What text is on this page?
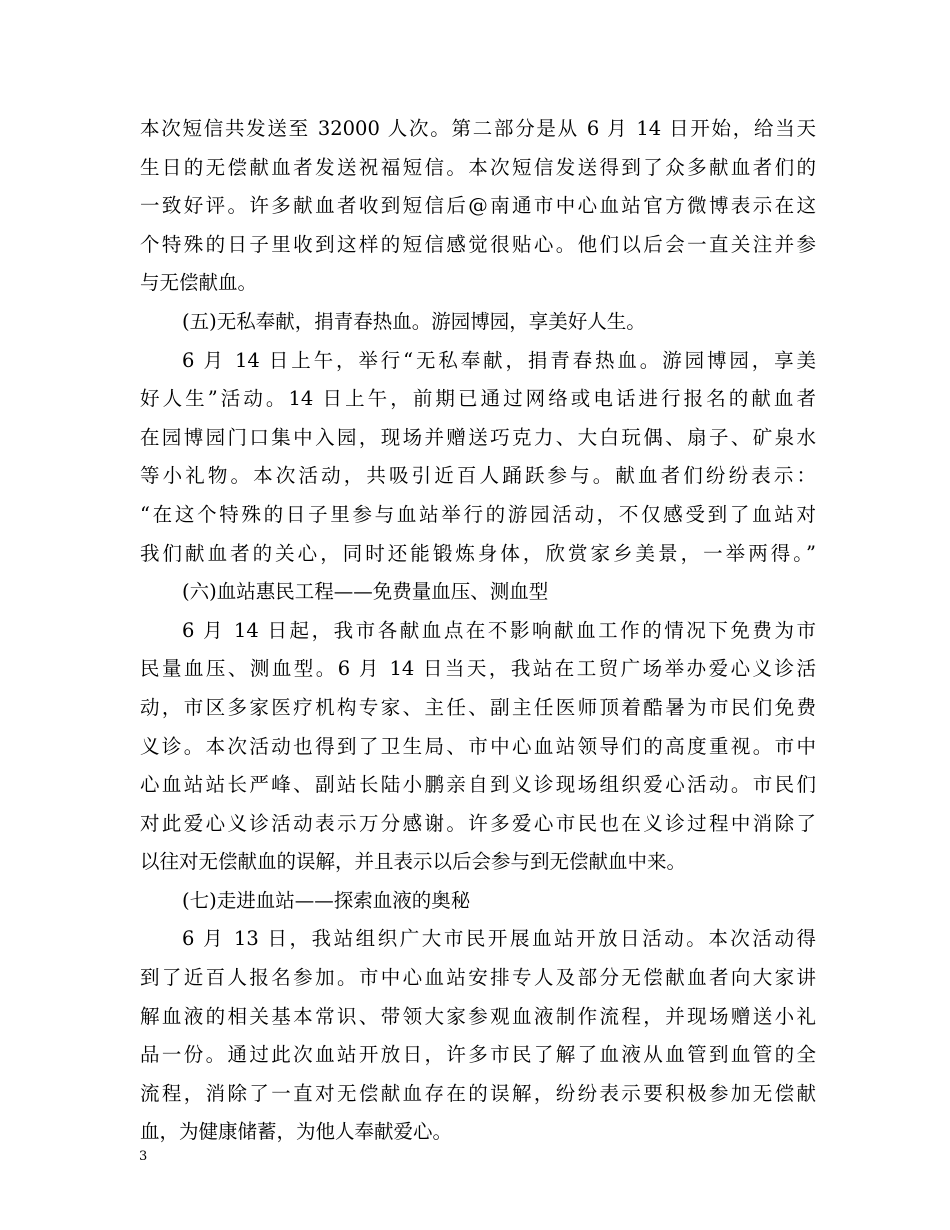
本次短信共发送至 32000 人次。第二部分是从 6 月 14 日开始，给当天
生日的无偿献血者发送祝福短信。本次短信发送得到了众多献血者们的
一致好评。许多献血者收到短信后@南通市中心血站官方微博表示在这
个特殊的日子里收到这样的短信感觉很贴心。他们以后会一直关注并参
与无偿献血。
(五)无私奉献，捐青春热血。游园博园，享美好人生。
6 月 14 日上午，举行“无私奉献，捐青春热血。游园博园，享美
好人生”活动。14 日上午，前期已通过网络或电话进行报名的献血者
在园博园门口集中入园，现场并赠送巧克力、大白玩偶、扇子、矿泉水
等小礼物。本次活动，共吸引近百人踊跃参与。献血者们纷纷表示：
“在这个特殊的日子里参与血站举行的游园活动，不仅感受到了血站对
我们献血者的关心，同时还能锻炼身体，欣赏家乡美景，一举两得。”
(六)血站惠民工程——免费量血压、测血型
6 月 14 日起，我市各献血点在不影响献血工作的情况下免费为市
民量血压、测血型。6 月 14 日当天，我站在工贸广场举办爱心义诊活
动，市区多家医疗机构专家、主任、副主任医师顶着酷暑为市民们免费
义诊。本次活动也得到了卫生局、市中心血站领导们的高度重视。市中
心血站站长严峰、副站长陆小鹏亲自到义诊现场组织爱心活动。市民们
对此爱心义诊活动表示万分感谢。许多爱心市民也在义诊过程中消除了
以往对无偿献血的误解，并且表示以后会参与到无偿献血中来。
(七)走进血站——探索血液的奥秘
6 月 13 日，我站组织广大市民开展血站开放日活动。本次活动得
到了近百人报名参加。市中心血站安排专人及部分无偿献血者向大家讲
解血液的相关基本常识、带领大家参观血液制作流程，并现场赠送小礼
品一份。通过此次血站开放日，许多市民了解了血液从血管到血管的全
流程，消除了一直对无偿献血存在的误解，纷纷表示要积极参加无偿献
血，为健康储蓄，为他人奉献爱心。
3
